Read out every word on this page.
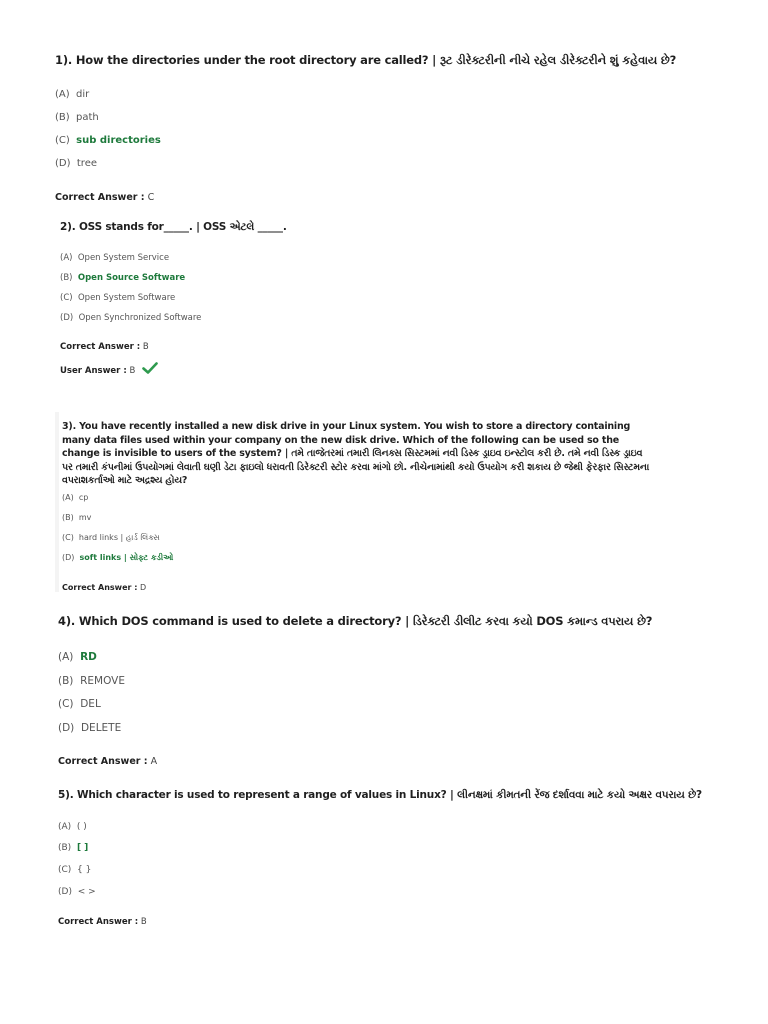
1). How the directories under the root directory are called? | રૂટ ડીરેક્ટરીની નીચે રહેલ ડીરેક્ટરીને શું કહેવાય છે?
(A) dir
(B) path
(C) sub directories
(D) tree
Correct Answer : C
2). OSS stands for_____. | OSS એટલે _____.
(A) Open System Service
(B) Open Source Software
(C) Open System Software
(D) Open Synchronized Software
Correct Answer : B
User Answer : B
3). You have recently installed a new disk drive in your Linux system. You wish to store a directory containing many data files used within your company on the new disk drive. Which of the following can be used so the change is invisible to users of the system? | તમે તાજેતરમાં તમારી લિનક્સ સિસ્ટમમાં નવી ડિસ્ક ડ્રાઇવ ઇન્સ્ટોલ કરી છે. તમે નવી ડિસ્ક ડ્રાઇવ પર તમારી કંપનીમાં ઉપયોગમાં લેવાતી ઘણી ડેટા ફાઇલો ધરાવતી ડિરેક્ટરી સ્ટોર કરવા માંગો છો. નીચેનામાંથી કયો ઉપયોગ કરી શકાય છે જેથી ફેરફાર સિસ્ટમના વપરાશકર્તાઓ માટે અદ્રશ્ય હોય?
(A) cp
(B) mv
(C) hard links | હાર્ડ લિંક્સ
(D) soft links | સોફ્ટ કડીઓ
Correct Answer : D
4). Which DOS command is used to delete a directory? | ડિરેક્ટરી ડીલીટ કરવા કયો DOS કમાન્ડ વપરાય છે?
(A) RD
(B) REMOVE
(C) DEL
(D) DELETE
Correct Answer : A
5). Which character is used to represent a range of values in Linux? | લીનક્ષમાં કીમતની રેંજ દર્શાવવા માટે કયો અક્ષર વપરાય છે?
(A) ( )
(B) [ ]
(C) { }
(D) < >
Correct Answer : B
